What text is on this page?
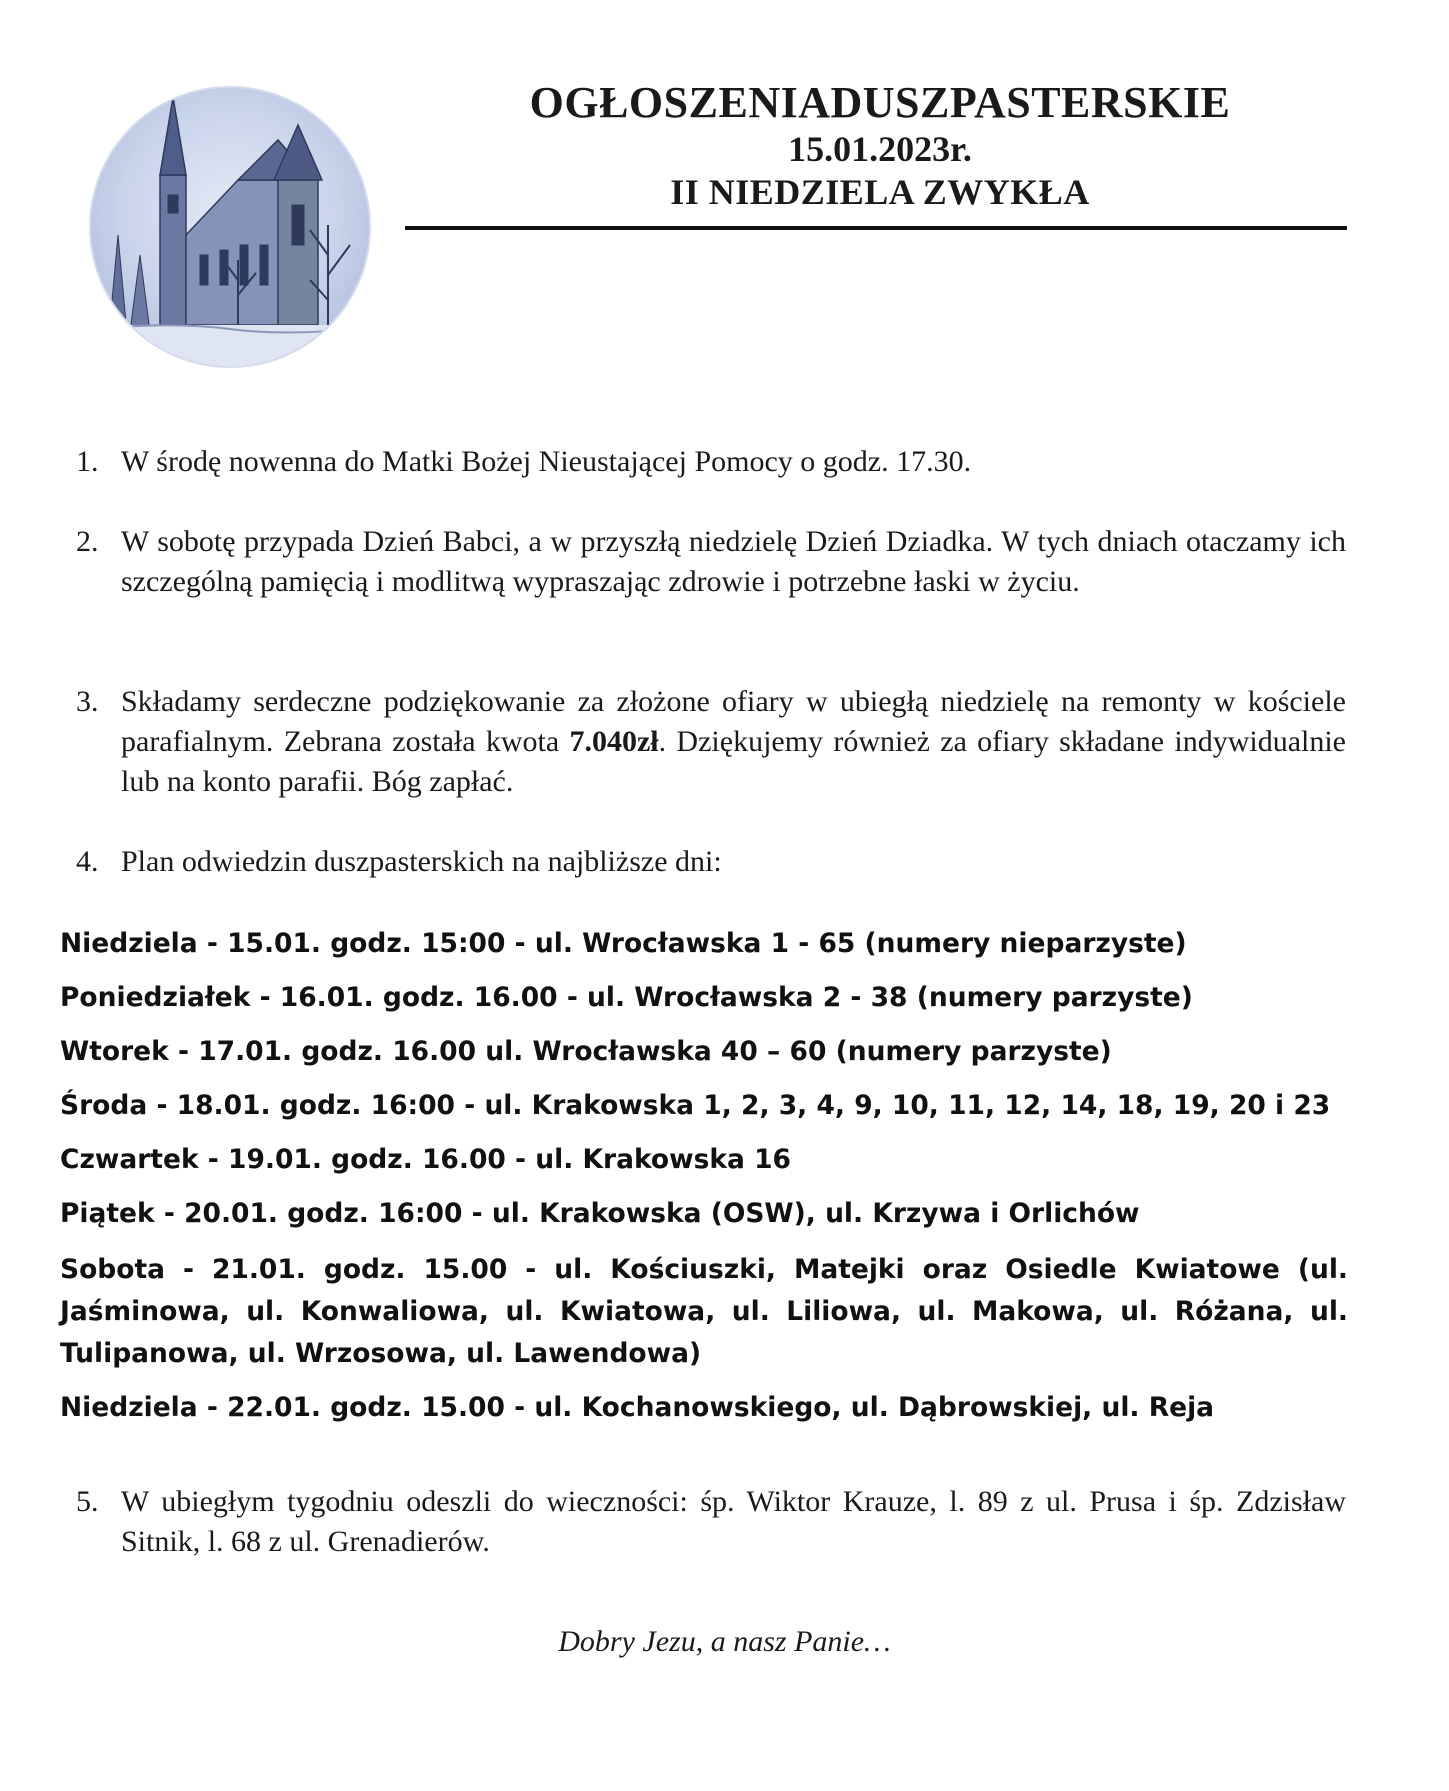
OGŁOSZENIADUSZPASTERSKIE
15.01.2023r.
II NIEDZIELA ZWYKŁA
1. W środę nowenna do Matki Bożej Nieustającej Pomocy o godz. 17.30.
2. W sobotę przypada Dzień Babci, a w przyszłą niedzielę Dzień Dziadka. W tych dniach otaczamy ich szczególną pamięcią i modlitwą wypraszając zdrowie i potrzebne łaski w życiu.
3. Składamy serdeczne podziękowanie za złożone ofiary w ubiegłą niedzielę na remonty w kościele parafialnym. Zebrana została kwota 7.040zł. Dziękujemy również za ofiary składane indywidualnie lub na konto parafii. Bóg zapłać.
4. Plan odwiedzin duszpasterskich na najbliższe dni:
Niedziela - 15.01. godz. 15:00 - ul. Wrocławska 1 - 65 (numery nieparzyste)
Poniedziałek - 16.01. godz. 16.00 - ul. Wrocławska 2 - 38 (numery parzyste)
Wtorek - 17.01. godz. 16.00 ul. Wrocławska 40 – 60 (numery parzyste)
Środa - 18.01. godz. 16:00 - ul. Krakowska 1, 2, 3, 4, 9, 10, 11, 12, 14, 18, 19, 20 i 23
Czwartek - 19.01. godz. 16.00 - ul. Krakowska 16
Piątek - 20.01. godz. 16:00 - ul. Krakowska (OSW), ul. Krzywa i Orlichów
Sobota - 21.01. godz. 15.00 - ul. Kościuszki, Matejki oraz Osiedle Kwiatowe (ul. Jaśminowa, ul. Konwaliowa, ul. Kwiatowa, ul. Liliowa, ul. Makowa, ul. Różana, ul. Tulipanowa, ul. Wrzosowa, ul. Lawendowa)
Niedziela - 22.01. godz. 15.00 - ul. Kochanowskiego, ul. Dąbrowskiej, ul. Reja
5. W ubiegłym tygodniu odeszli do wieczności: śp. Wiktor Krauze, l. 89 z ul. Prusa i śp. Zdzisław Sitnik, l. 68 z ul. Grenadierów.
Dobry Jezu, a nasz Panie…
